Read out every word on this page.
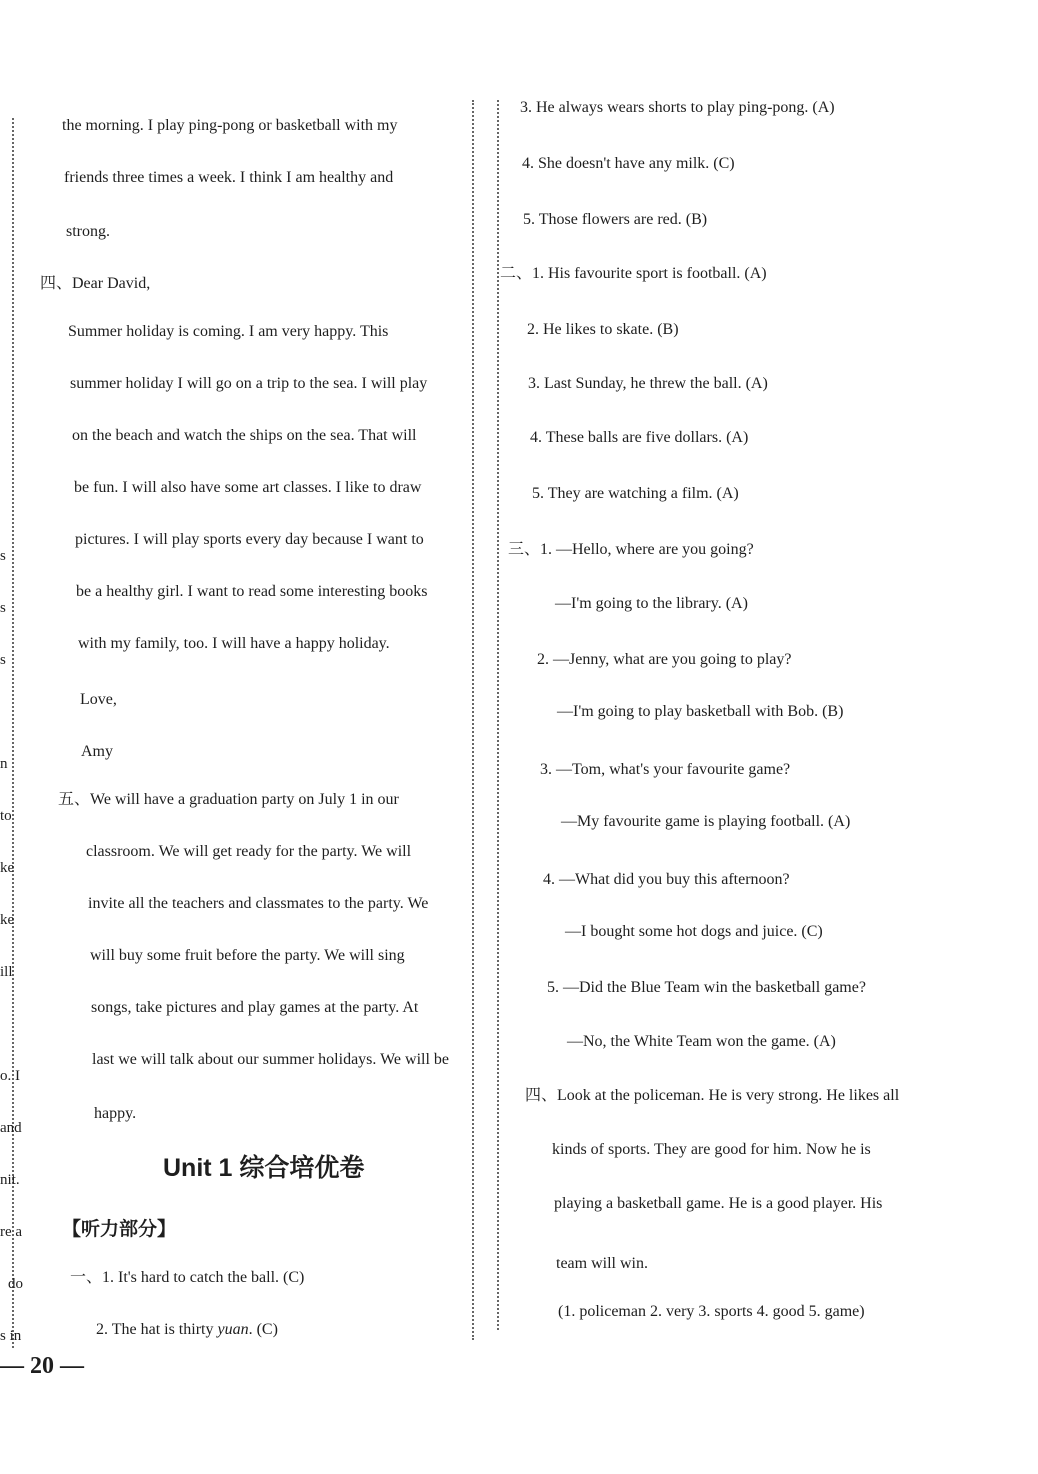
s
s
s
n
to
ke
ke
ill
o. I
and
nit.
re a
do
s in
the morning. I play ping-pong or basketball with my
friends three times a week. I think I am healthy and
strong.
四、Dear David,
Summer holiday is coming. I am very happy. This
summer holiday I will go on a trip to the sea. I will play
on the beach and watch the ships on the sea. That will
be fun. I will also have some art classes. I like to draw
pictures. I will play sports every day because I want to
be a healthy girl. I want to read some interesting books
with my family, too. I will have a happy holiday.
Love,
Amy
五、We will have a graduation party on July 1 in our
classroom. We will get ready for the party. We will
invite all the teachers and classmates to the party. We
will buy some fruit before the party. We will sing
songs, take pictures and play games at the party. At
last we will talk about our summer holidays. We will be
happy.
Unit 1 综合培优卷
【听力部分】
一、1. It's hard to catch the ball. (C)
2. The hat is thirty yuan. (C)
3. He always wears shorts to play ping-pong. (A)
4. She doesn't have any milk. (C)
5. Those flowers are red. (B)
二、1. His favourite sport is football. (A)
2. He likes to skate. (B)
3. Last Sunday, he threw the ball. (A)
4. These balls are five dollars. (A)
5. They are watching a film. (A)
三、1. —Hello, where are you going?
—I'm going to the library. (A)
2. —Jenny, what are you going to play?
—I'm going to play basketball with Bob. (B)
3. —Tom, what's your favourite game?
—My favourite game is playing football. (A)
4. —What did you buy this afternoon?
—I bought some hot dogs and juice. (C)
5. —Did the Blue Team win the basketball game?
—No, the White Team won the game. (A)
四、Look at the policeman. He is very strong. He likes all
kinds of sports. They are good for him. Now he is
playing a basketball game. He is a good player. His
team will win.
(1. policeman 2. very 3. sports 4. good 5. game)
— 20 —
